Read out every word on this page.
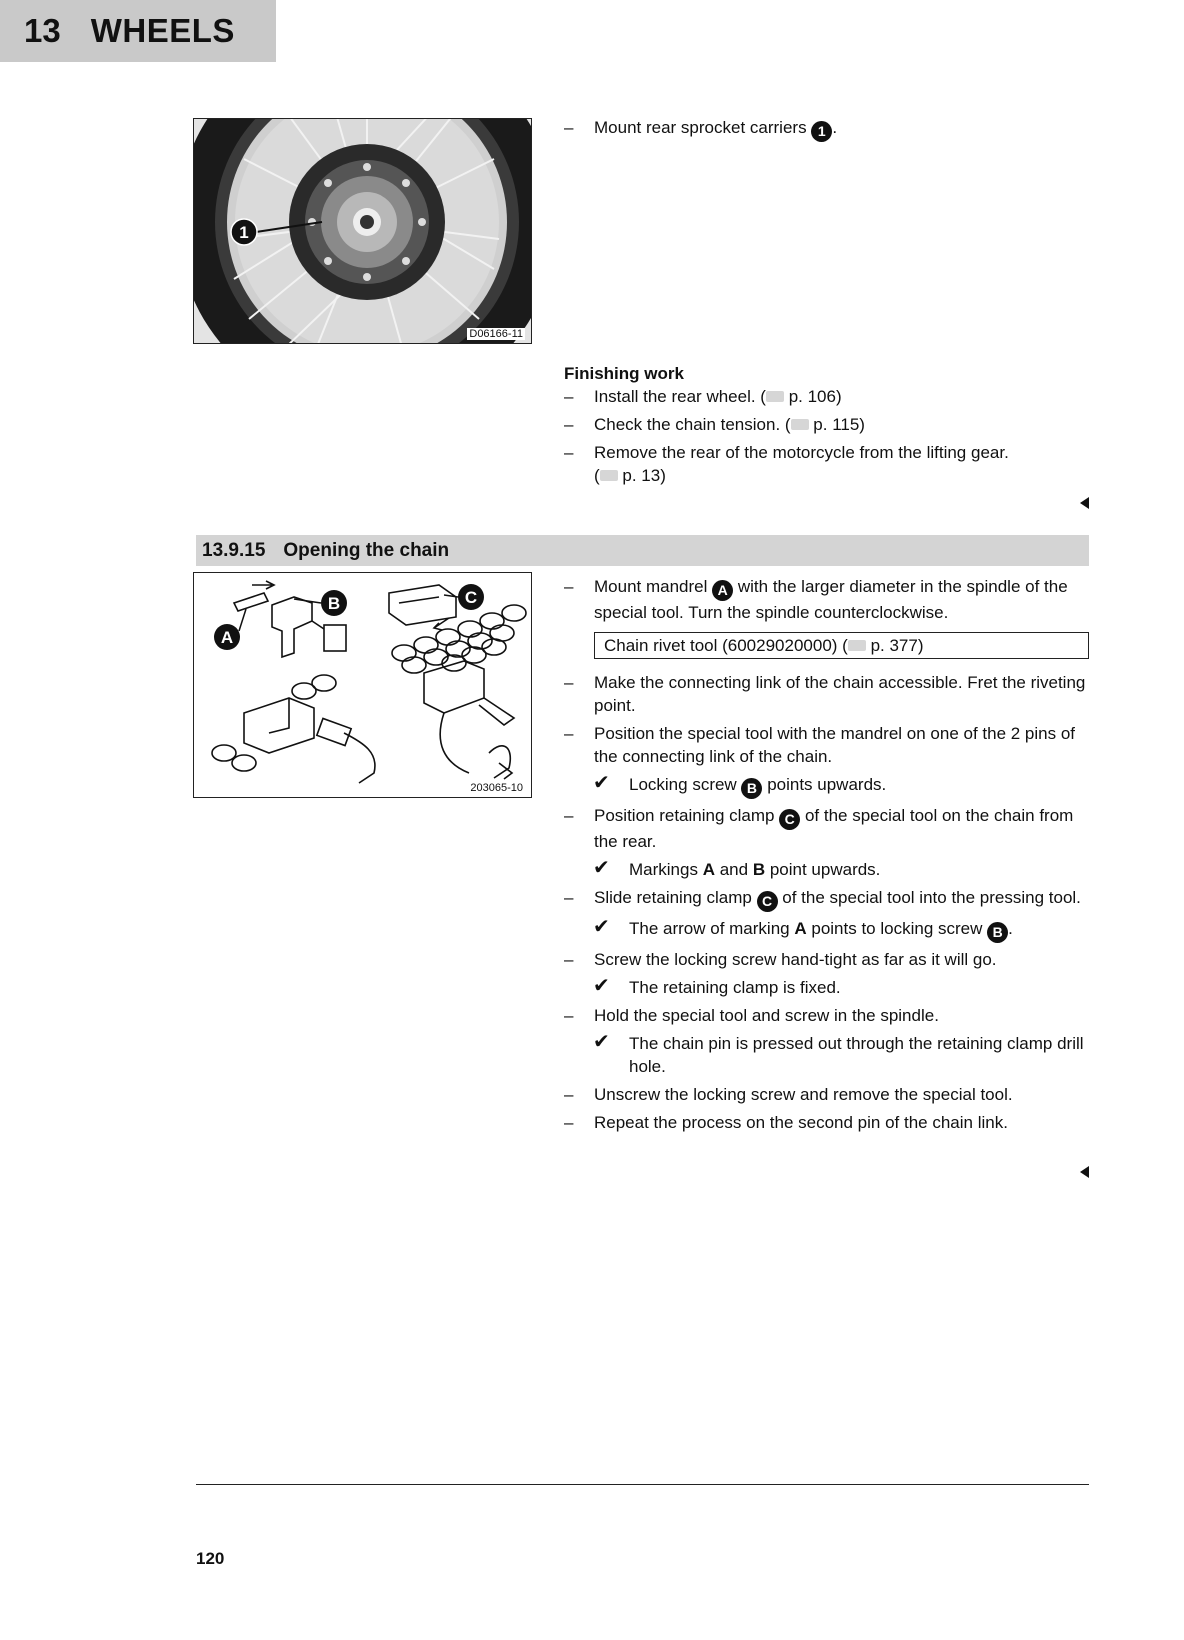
13 WHEELS
1
D06166-11
A
B	C
203065-10
– Mount rear sprocket carriers 1 .
Finishing work
– Install the rear wheel. ( p. 106)
– Check the chain tension. ( p. 115)
– Remove the rear of the motorcycle from the lifting gear.
( p. 13)
13.9.15 Opening the chain
– Mount mandrel A with the larger diameter in the spindle of the special tool. Turn the spindle counterclockwise.
Chain rivet tool (60029020000) ( p. 377)
– Make the connecting link of the chain accessible. Fret the riveting point.
– Position the special tool with the mandrel on one of the 2 pins of the connecting link of the chain.
✔ Locking screw B points upwards.
– Position retaining clamp C of the special tool on the chain from the rear.
✔ Markings A and B point upwards.
– Slide retaining clamp C of the special tool into the pressing tool.
✔ The arrow of marking A points to locking screw B .
– Screw the locking screw hand-tight as far as it will go.
✔ The retaining clamp is fixed.
– Hold the special tool and screw in the spindle.
✔ The chain pin is pressed out through the retaining clamp drill hole.
– Unscrew the locking screw and remove the special tool.
– Repeat the process on the second pin of the chain link.
120
